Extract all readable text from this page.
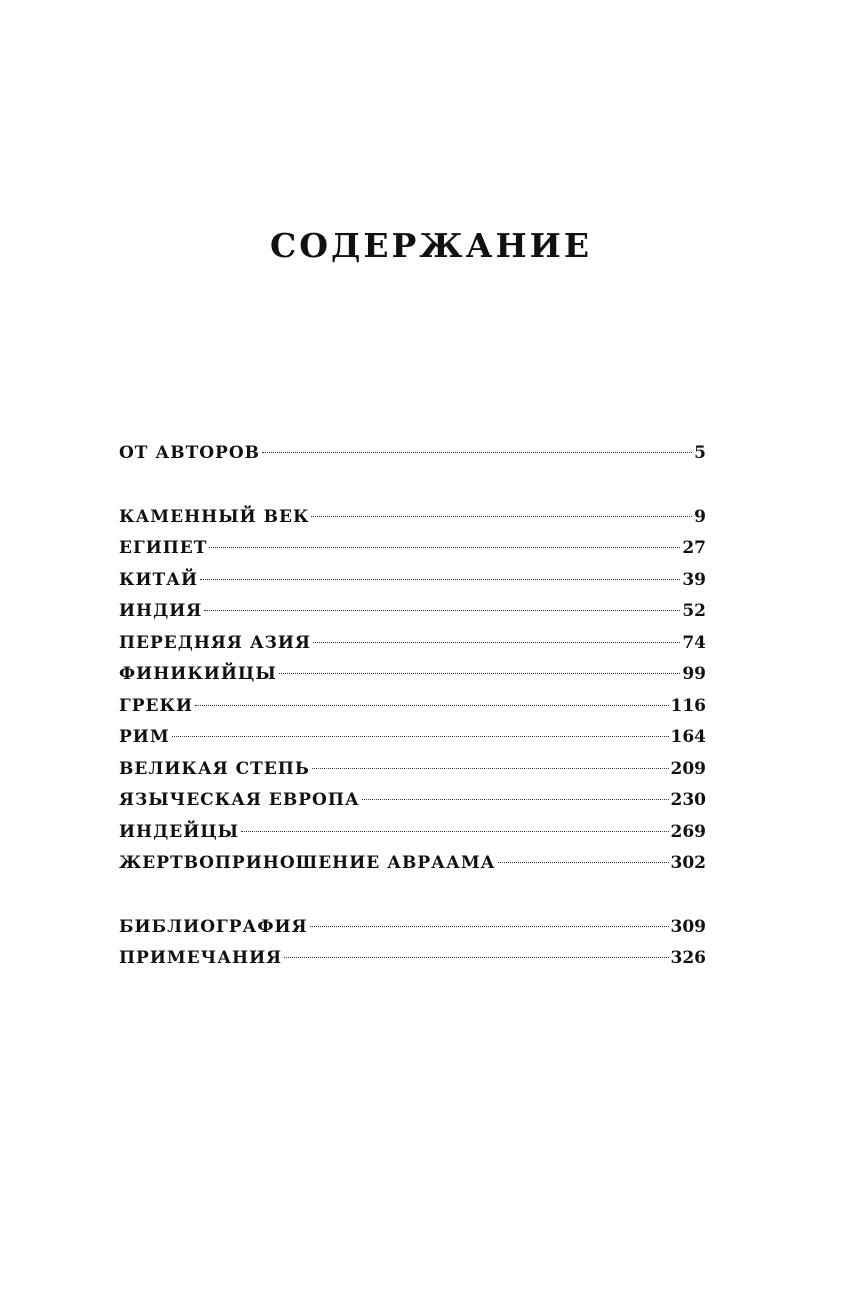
СОДЕРЖАНИЕ
ОТ АВТОРОВ	5
КАМЕННЫЙ ВЕК	9
ЕГИПЕТ	27
КИТАЙ	39
ИНДИЯ	52
ПЕРЕДНЯЯ АЗИЯ	74
ФИНИКИЙЦЫ	99
ГРЕКИ	116
РИМ	164
ВЕЛИКАЯ СТЕПЬ	209
ЯЗЫЧЕСКАЯ ЕВРОПА	230
ИНДЕЙЦЫ	269
ЖЕРТВОПРИНОШЕНИЕ АВРААМА	302
БИБЛИОГРАФИЯ	309
ПРИМЕЧАНИЯ	326
